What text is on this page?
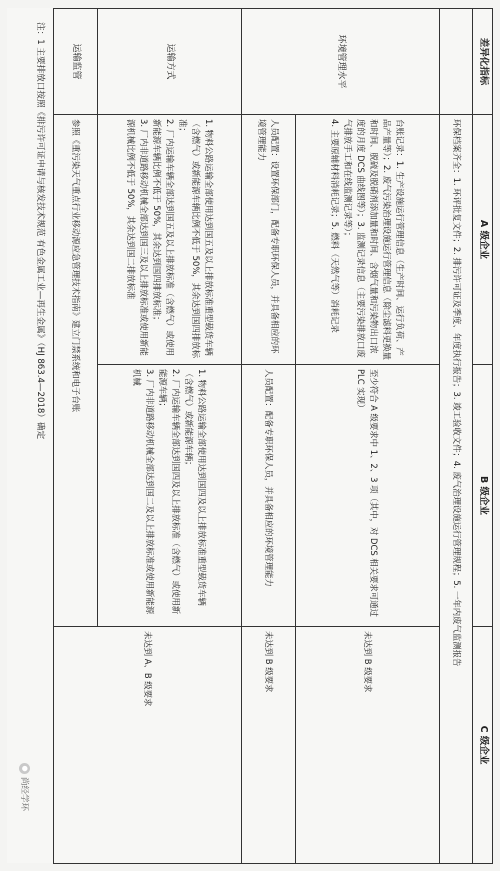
差异化指标	A 级企业	B 级企业	C 级企业
	环保档案齐全：1. 环评批复文件；2. 排污许可证及季度、年度执行报告；3. 竣工验收文件；4. 废气治理设施运行管理规程；5. 一年内废气监测报告		
环境管理水平	台账记录：1. 生产设施运行管理信息（生产时间、运行负荷、产品产量等）；2. 废气污染治理设施运行管理信息（除尘滤料更换量和时间、脱硫及脱硝剂添加量和时间、含烟气量和污染物出口浓度的月度 DCS 曲线图等）；3. 监测记录信息（主要污染排放口废气排放手工和在线监测记录等）；
4. 主要原辅材料消耗记录；5. 燃料（天然气等）消耗记录	至少符合 A 级要求中 1、2、3 项（其中，对 DCS 相关要求可通过 PLC 实现）	未达到 B 级要求
	人员配置：设置环保部门，配备专职环保人员，并具备相应的环境管理能力	人员配置：配备专职环保人员，并具备相应的环境管理能力	未达到 B 级要求
运输方式	1. 物料公路运输全部使用达到国五及以上排放标准重型载货车辆（含燃气）或新能源车辆比例不低于 50%，其余达到国四排放标准；
2. 厂内运输车辆全部达到国五及以上排放标准（含燃气）或使用新能源车辆比例不低于 50%，其余达到国四排放标准；
3. 厂内非道路移动机械全部达到国三及以上排放标准或使用新能源机械比例不低于 50%，其余达到国二排放标准	1. 物料公路运输全部使用达到国四及以上排放标准重型载货车辆（含燃气）或新能源车辆；
2. 厂内运输车辆全部达到国四及以上排放标准（含燃气）或使用新能源车辆；
3. 厂内非道路移动机械全部达到国二及以上排放标准或使用新能源机械	未达到 A、B 级要求
运输监管	参照《重污染天气重点行业移动源应急管理技术指南》建立门禁系统和电子台账		
注：1 主要排放口按照《排污许可证申请与核发技术规范 有色金属工业—再生金属》（HJ 863.4—2018）确定
●
尚经学环
